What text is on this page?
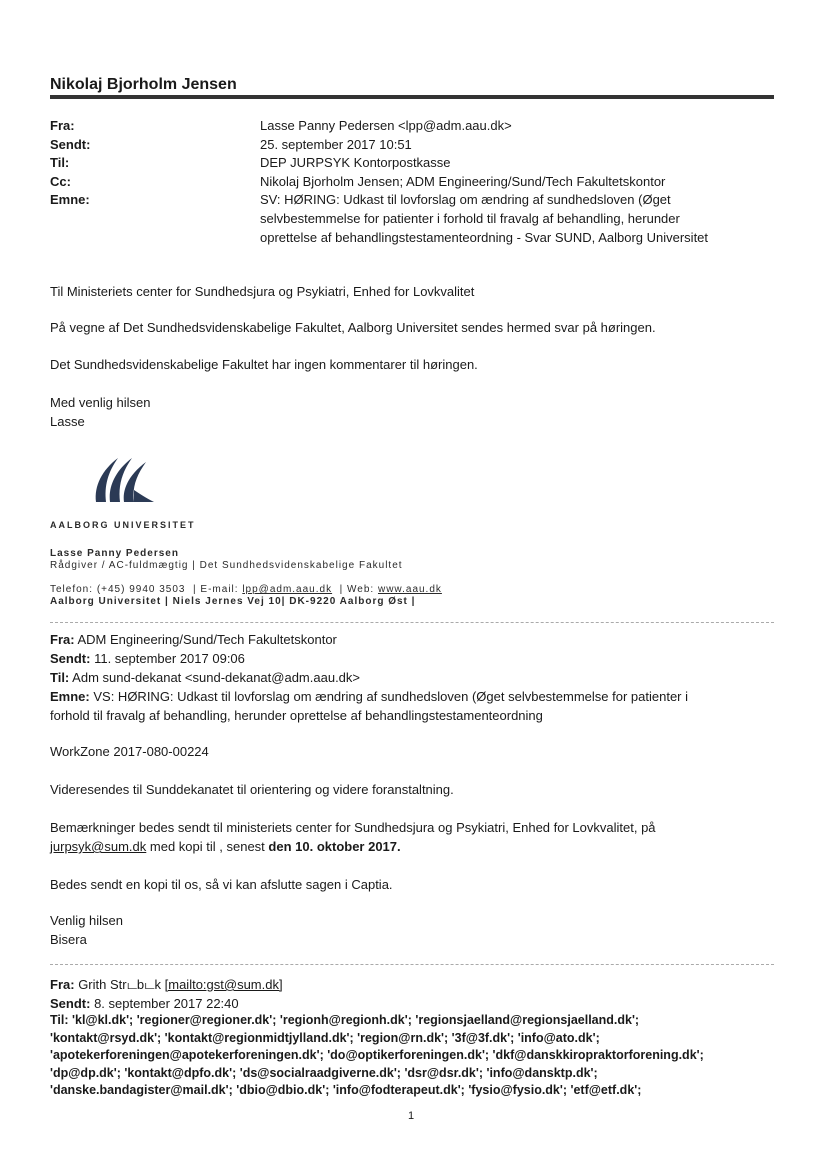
Nikolaj Bjorholm Jensen
Fra:	Lasse Panny Pedersen <lpp@adm.aau.dk>
Sendt:	25. september 2017 10:51
Til:	DEP JURPSYK Kontorpostkasse
Cc:	Nikolaj Bjorholm Jensen; ADM Engineering/Sund/Tech Fakultetskontor
Emne:	SV: HØRING: Udkast til lovforslag om ændring af sundhedsloven (Øget
selvbestemmelse for patienter i forhold til fravalg af behandling, herunder
oprettelse af behandlingstestamenteordning - Svar SUND, Aalborg Universitet
Til Ministeriets center for Sundhedsjura og Psykiatri, Enhed for Lovkvalitet
På vegne af Det Sundhedsvidenskabelige Fakultet, Aalborg Universitet sendes hermed svar på høringen.
Det Sundhedsvidenskabelige Fakultet har ingen kommentarer til høringen.
Med venlig hilsen
Lasse
AALBORG UNIVERSITET
Lasse Panny Pedersen
Rådgiver / AC-fuldmægtig | Det Sundhedsvidenskabelige Fakultet
Telefon: (+45) 9940 3503  | E-mail: lpp@adm.aau.dk  | Web: www.aau.dk
Aalborg Universitet | Niels Jernes Vej 10| DK-9220 Aalborg Øst |
Fra: ADM Engineering/Sund/Tech Fakultetskontor
Sendt: 11. september 2017 09:06
Til: Adm sund-dekanat <sund-dekanat@adm.aau.dk>
Emne: VS: HØRING: Udkast til lovforslag om ændring af sundhedsloven (Øget selvbestemmelse for patienter i
forhold til fravalg af behandling, herunder oprettelse af behandlingstestamenteordning
WorkZone 2017-080-00224
Videresendes til Sunddekanatet til orientering og videre foranstaltning.
Bemærkninger bedes sendt til ministeriets center for Sundhedsjura og Psykiatri, Enhed for Lovkvalitet, på
jurpsyk@sum.dk med kopi til , senest den 10. oktober 2017.
Bedes sendt en kopi til os, så vi kan afslutte sagen i Captia.
Venlig hilsen
Bisera
Fra: Grith Strடbடk [mailto:gst@sum.dk]
Sendt: 8. september 2017 22:40
Til: 'kl@kl.dk'; 'regioner@regioner.dk'; 'regionh@regionh.dk'; 'regionsjaelland@regionsjaelland.dk';
'kontakt@rsyd.dk'; 'kontakt@regionmidtjylland.dk'; 'region@rn.dk'; '3f@3f.dk'; 'info@ato.dk';
'apotekerforeningen@apotekerforeningen.dk'; 'do@optikerforeningen.dk'; 'dkf@danskkiropraktorforening.dk';
'dp@dp.dk'; 'kontakt@dpfo.dk'; 'ds@socialraadgiverne.dk'; 'dsr@dsr.dk'; 'info@dansktp.dk';
'danske.bandagister@mail.dk'; 'dbio@dbio.dk'; 'info@fodterapeut.dk'; 'fysio@fysio.dk'; 'etf@etf.dk';
1
